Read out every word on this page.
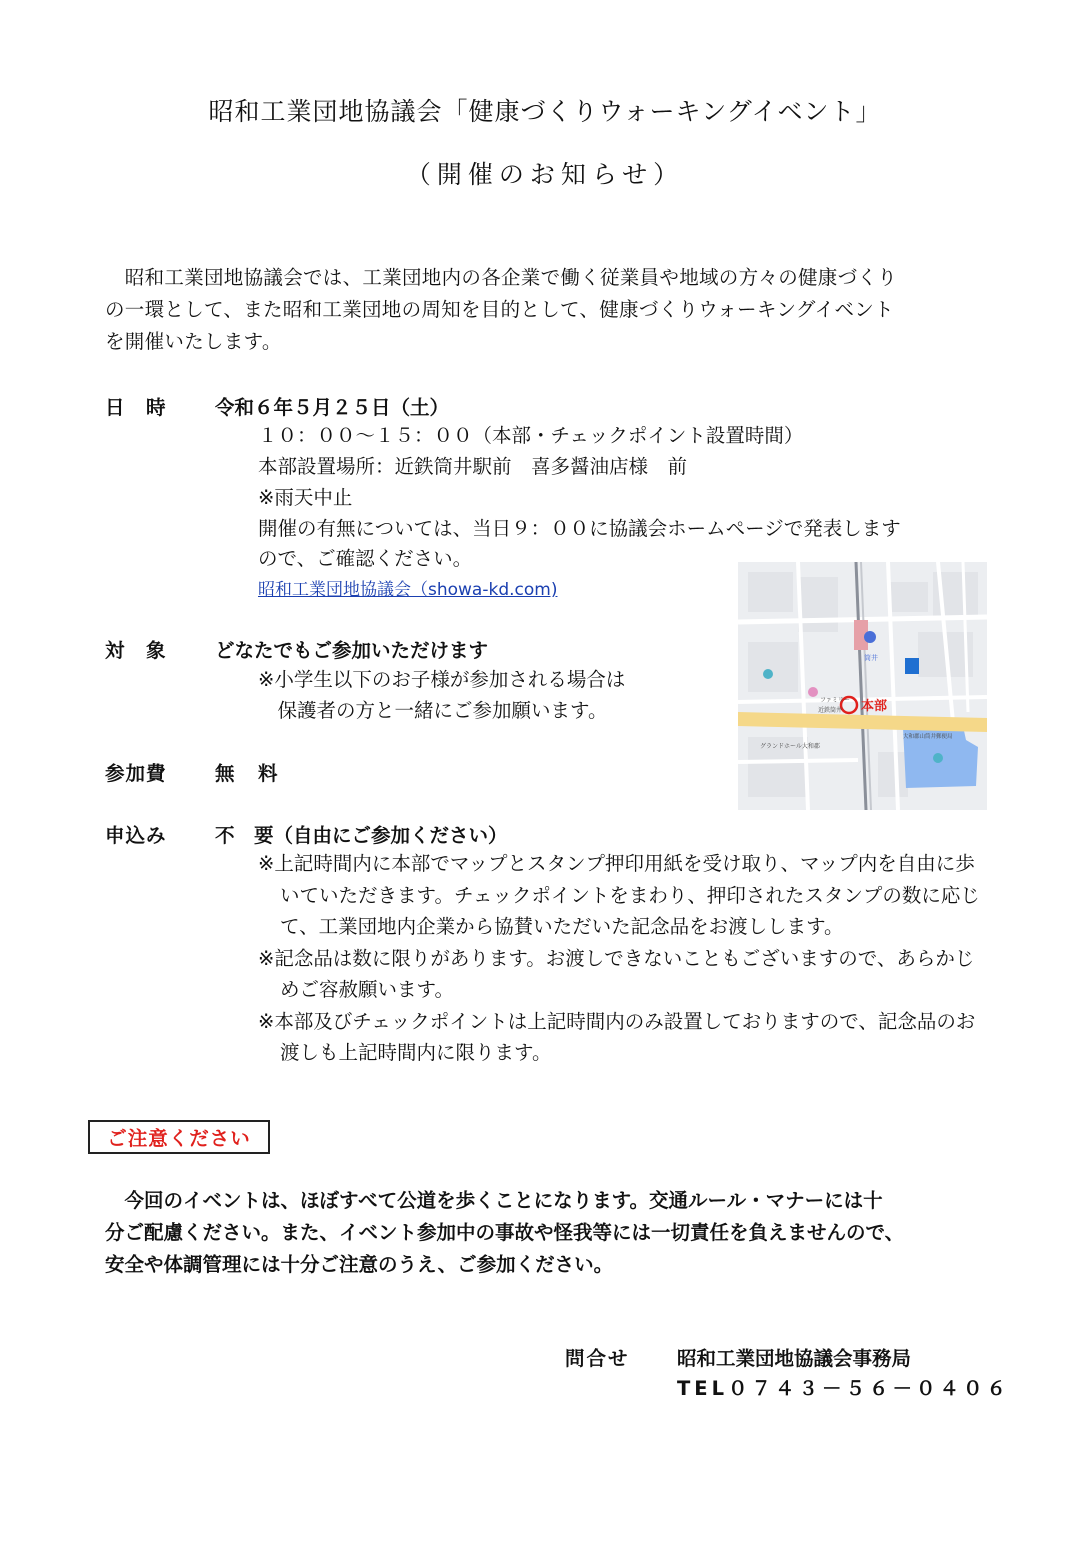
昭和工業団地協議会「健康づくりウォーキングイベント」
（開催のお知らせ）

　昭和工業団地協議会では、工業団地内の各企業で働く従業員や地域の方々の健康づくり

の一環として、また昭和工業団地の周知を目的として、健康づくりウォーキングイベント

を開催いたします。

日　時 令和６年５月２５日（土）
１０：００～１５：００（本部・チェックポイント設置時間）
本部設置場所：近鉄筒井駅前　喜多醤油店様　前
※雨天中止
開催の有無については、当日９：００に協議会ホームページで発表します
ので、ご確認ください。
昭和工業団地協議会（showa-kd.com)
本部
筒井
ファミリー
近鉄筒井
グランドホール大和郡
大和郡山筒井郵便局
対　象 どなたでもご参加いただけます
※小学生以下のお子様が参加される場合は
　保護者の方と一緒にご参加願います。
参加費 無　料
申込み 不　要（自由にご参加ください）

※上記時間内に本部でマップとスタンプ押印用紙を受け取り、マップ内を自由に歩いていただきます。チェックポイントをまわり、押印されたスタンプの数に応じて、工業団地内企業から協賛いただいた記念品をお渡しします。

※記念品は数に限りがあります。お渡しできないこともございますので、あらかじめご容赦願います。

※本部及びチェックポイントは上記時間内のみ設置しておりますので、記念品のお渡しも上記時間内に限ります。

ご注意ください

　今回のイベントは、ほぼすべて公道を歩くことになります。交通ルール・マナーには十

分ご配慮ください。また、イベント参加中の事故や怪我等には一切責任を負えませんので、

安全や体調管理には十分ご注意のうえ、ご参加ください。

問合せ 昭和工業団地協議会事務局
TEL０７４３－５６－０４０６
